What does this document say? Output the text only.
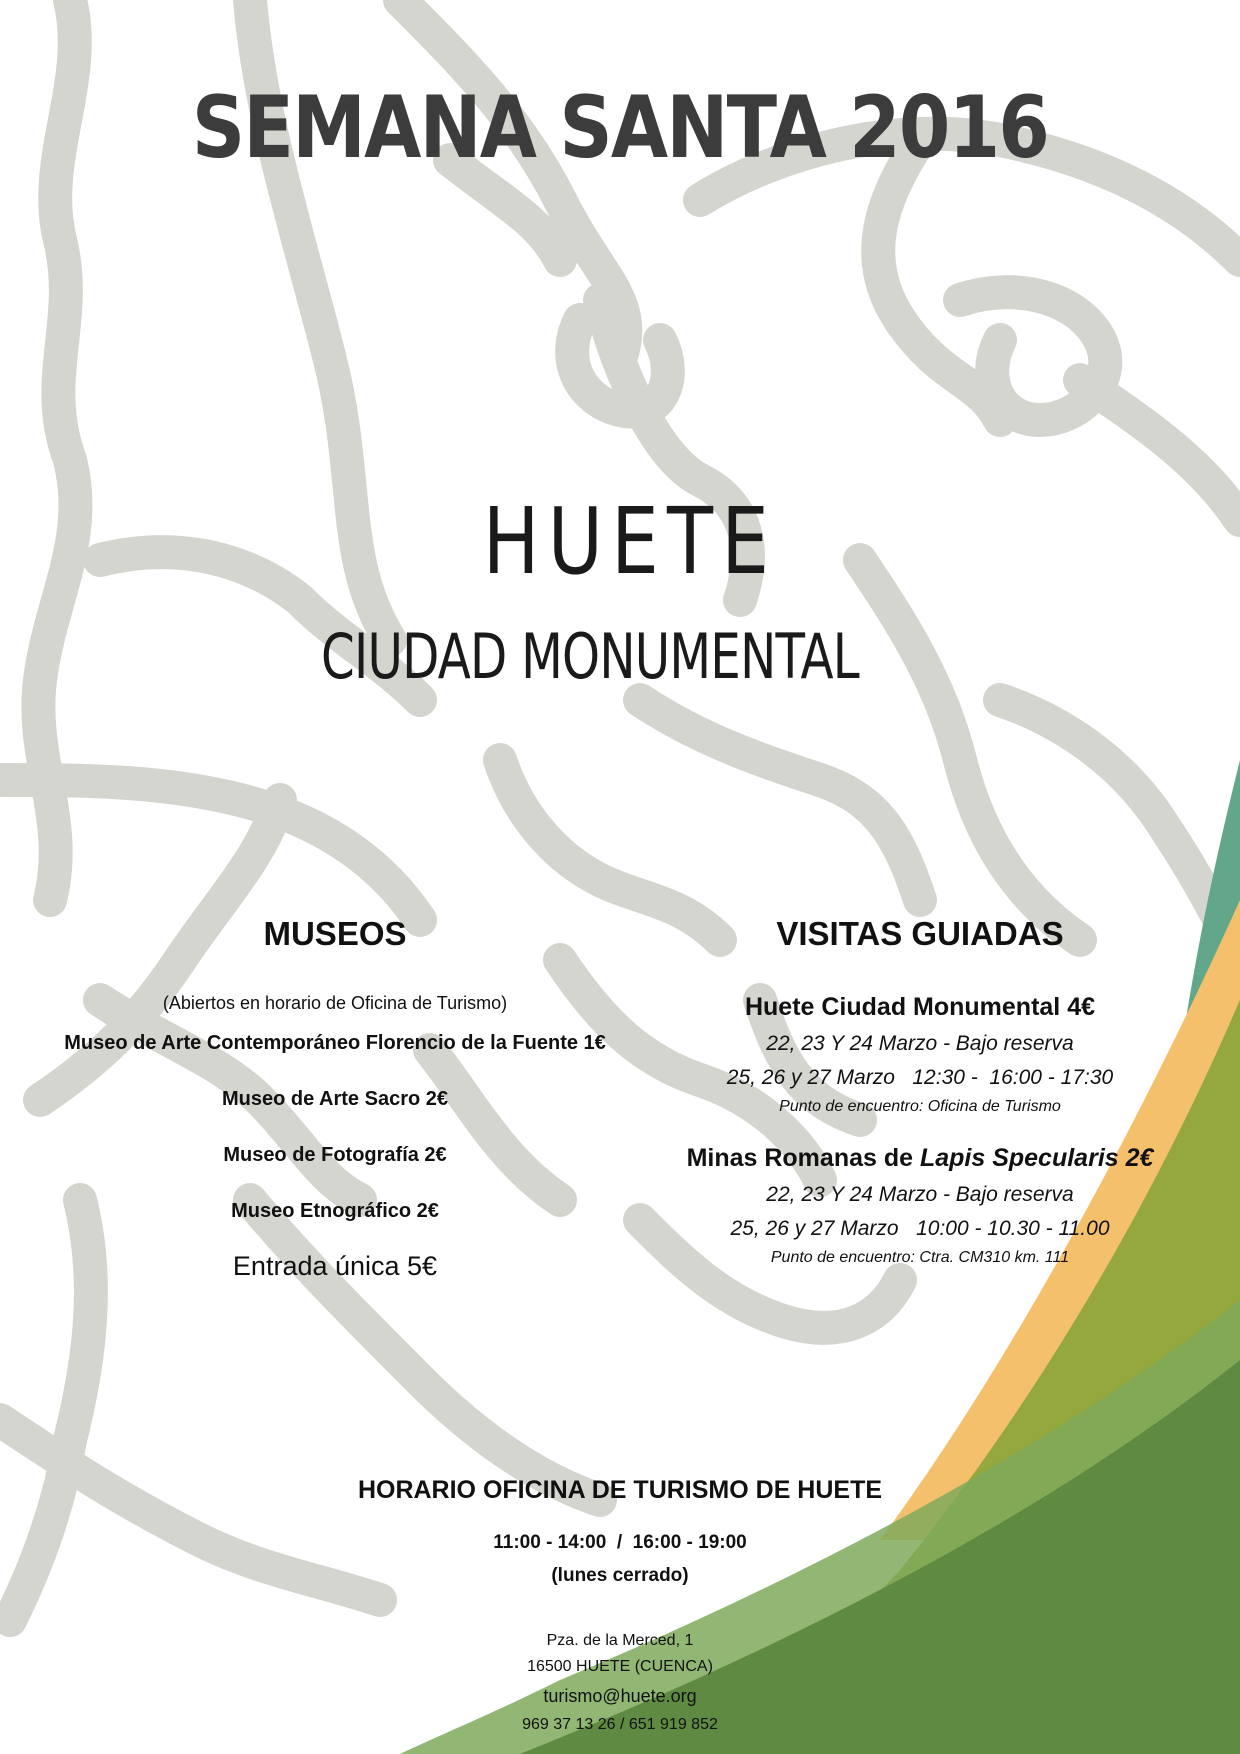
SEMANA SANTA 2016
HUETE
CIUDAD MONUMENTAL
MUSEOS
(Abiertos en horario de Oficina de Turismo)
Museo de Arte Contemporáneo Florencio de la Fuente 1€
Museo de Arte Sacro 2€
Museo de Fotografía 2€
Museo Etnográfico 2€
Entrada única 5€
VISITAS GUIADAS
Huete Ciudad Monumental 4€
22, 23 Y 24 Marzo - Bajo reserva
25, 26 y 27 Marzo   12:30 -  16:00 - 17:30
Punto de encuentro: Oficina de Turismo
Minas Romanas de Lapis Specularis 2€
22, 23 Y 24 Marzo - Bajo reserva
25, 26 y 27 Marzo   10:00 - 10.30 - 11.00
Punto de encuentro: Ctra. CM310 km. 111
HORARIO OFICINA DE TURISMO DE HUETE
11:00 - 14:00  /  16:00 - 19:00
(lunes cerrado)
Pza. de la Merced, 1
16500 HUETE (CUENCA)
turismo@huete.org
969 37 13 26 / 651 919 852
